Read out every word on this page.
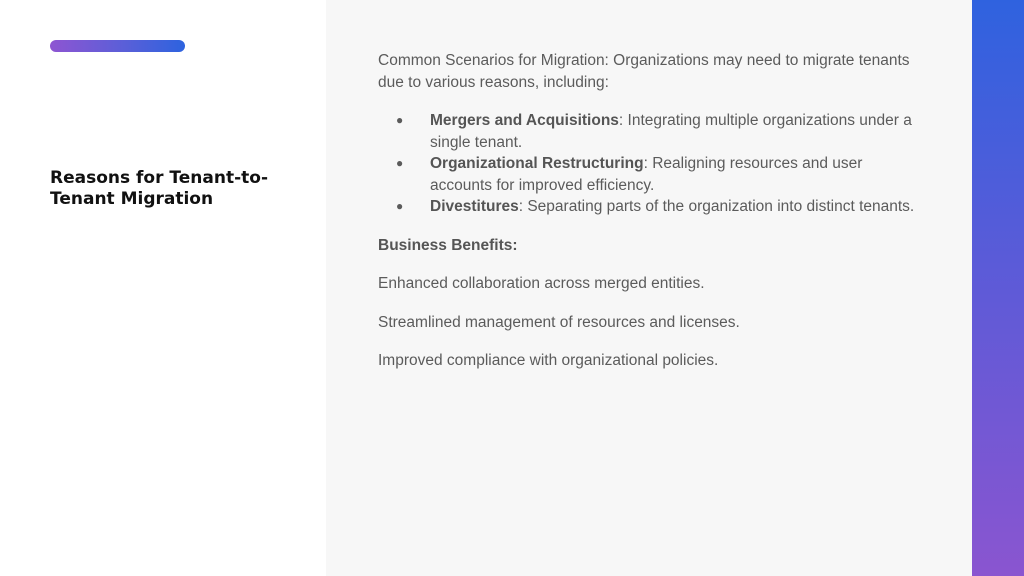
Reasons for Tenant-to-Tenant Migration

Common Scenarios for Migration: Organizations may need to migrate tenants due to various reasons, including:

● Mergers and Acquisitions: Integrating multiple organizations under a single tenant.
● Organizational Restructuring: Realigning resources and user accounts for improved efficiency.
● Divestitures: Separating parts of the organization into distinct tenants.

Business Benefits:

Enhanced collaboration across merged entities.

Streamlined management of resources and licenses.

Improved compliance with organizational policies.
